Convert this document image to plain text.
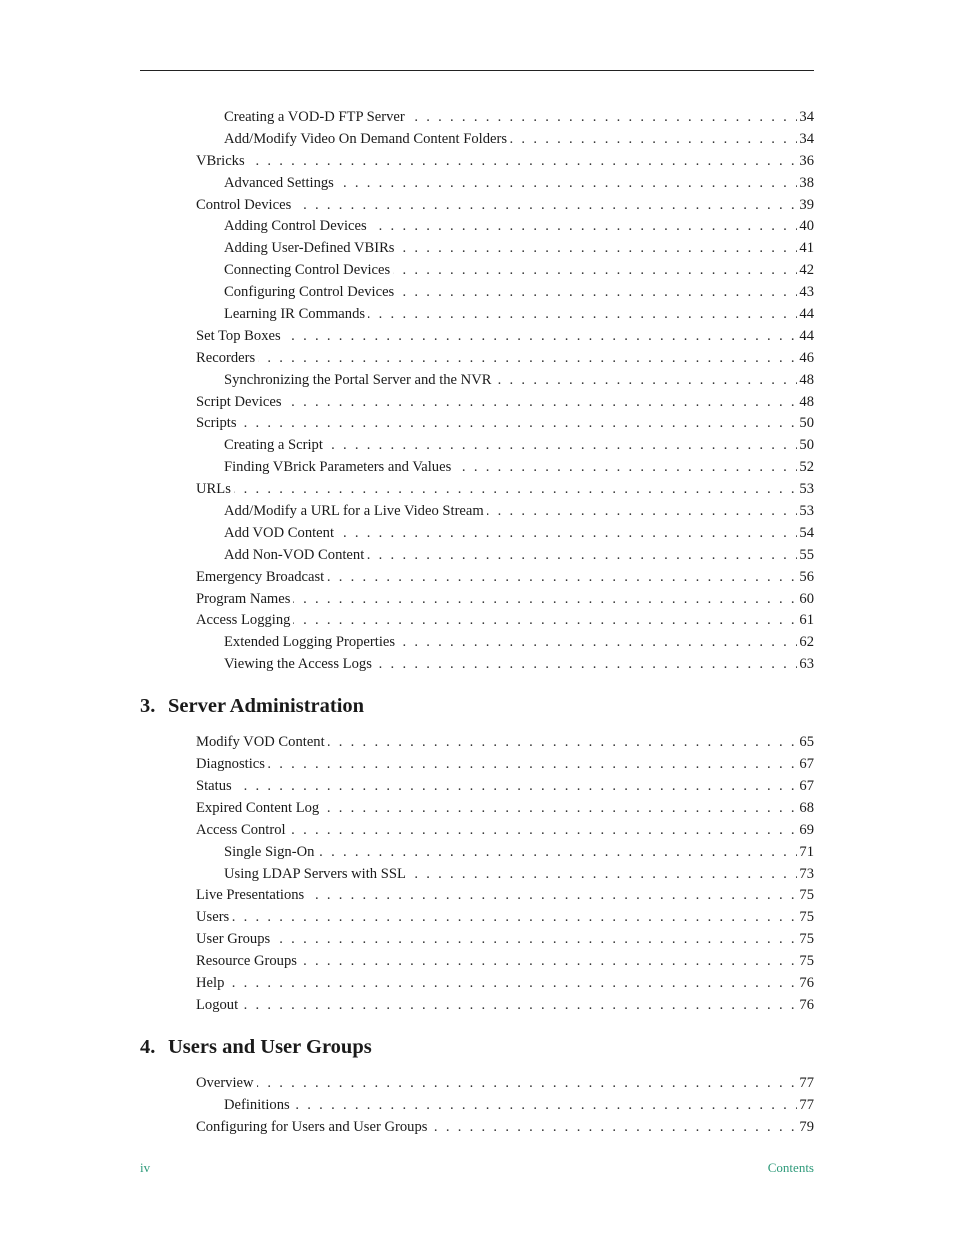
. . .
Creating a VOD-D FTP Server	34
. . .
Add/Modify Video On Demand Content Folders	34
. . .
VBricks	36
. . .
Advanced Settings	38
. . .
Control Devices	39
. . .
Adding Control Devices	40
. . .
Adding User-Defined VBIRs	41
. . .
Connecting Control Devices	42
. . .
Configuring Control Devices	43
. . .
Learning IR Commands	44
. . .
Set Top Boxes	44
. . .
Recorders	46
. . .
Synchronizing the Portal Server and the NVR	48
. . .
Script Devices	48
. . .
Scripts	50
. . .
Creating a Script	50
. . .
Finding VBrick Parameters and Values	52
. . .
URLs	53
. . .
Add/Modify a URL for a Live Video Stream	53
. . .
Add VOD Content	54
. . .
Add Non-VOD Content	55
. . .
Emergency Broadcast	56
. . .
Program Names	60
. . .
Access Logging	61
. . .
Extended Logging Properties	62
. . .
Viewing the Access Logs	63
3. Server Administration
. . .
Modify VOD Content	65
. . .
Diagnostics	67
. . .
Status	67
. . .
Expired Content Log	68
. . .
Access Control	69
. . .
Single Sign-On	71
. . .
Using LDAP Servers with SSL	73
. . .
Live Presentations	75
. . .
Users	75
. . .
User Groups	75
. . .
Resource Groups	75
. . .
Help	76
. . .
Logout	76
4. Users and User Groups
. . .
Overview	77
. . .
Definitions	77
. . .
Configuring for Users and User Groups	79
iv	Contents
